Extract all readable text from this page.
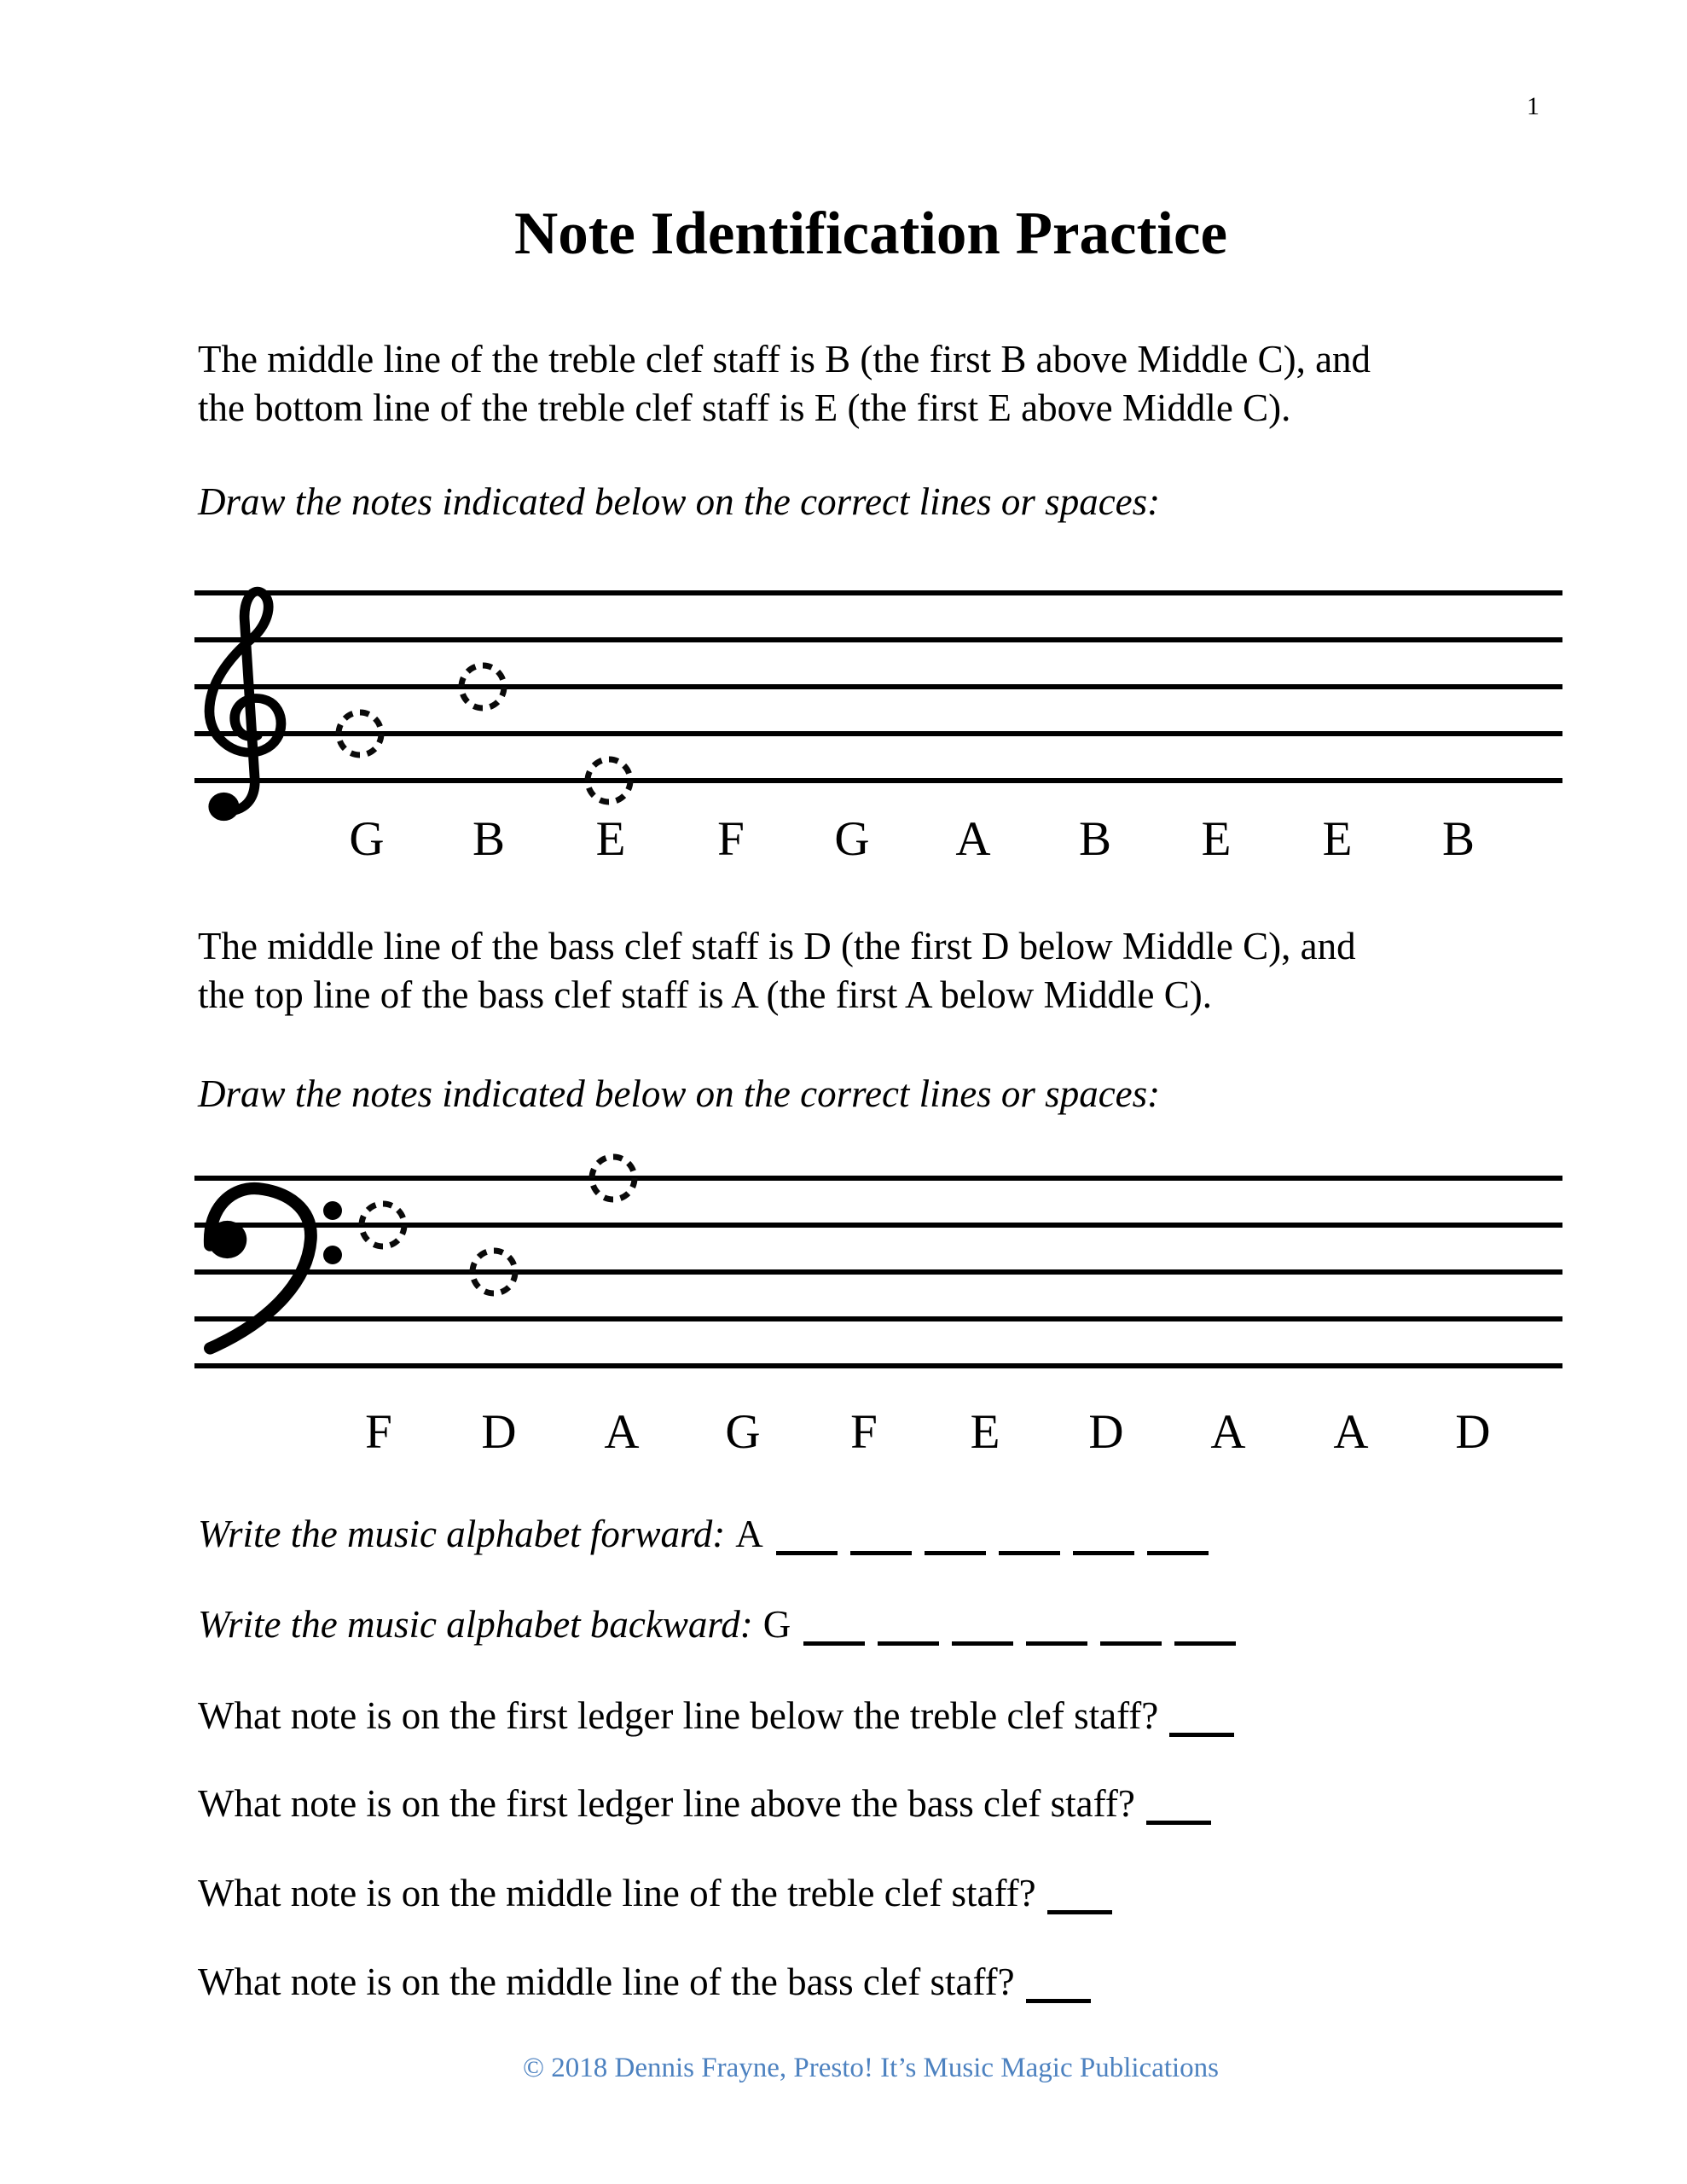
1
Note Identification Practice

The middle line of the treble clef staff is B (the first B above Middle C), and
the bottom line of the treble clef staff is E (the first E above Middle C).

Draw the notes indicated below on the correct lines or spaces:

G B E F G A B E E B

The middle line of the bass clef staff is D (the first D below Middle C), and
the top line of the bass clef staff is A (the first A below Middle C).

Draw the notes indicated below on the correct lines or spaces:

F D A G F E D A A D
Write the music alphabet forward: A
Write the music alphabet backward: G
What note is on the first ledger line below the treble clef staff?
What note is on the first ledger line above the bass clef staff?
What note is on the middle line of the treble clef staff?
What note is on the middle line of the bass clef staff?
© 2018 Dennis Frayne, Presto! It’s Music Magic Publications
